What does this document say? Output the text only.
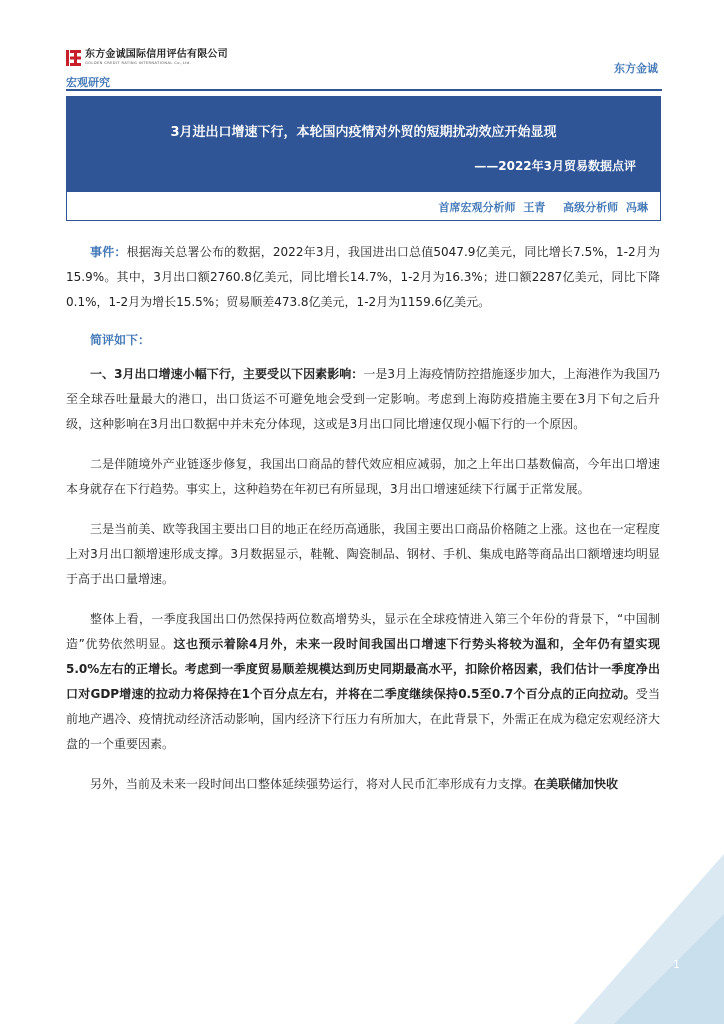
东方金诚国际信用评估有限公司
GOLDEN CREDIT RATING INTERNATIONAL Co.,Ltd.	东方金诚
宏观研究
3月进出口增速下行，本轮国内疫情对外贸的短期扰动效应开始显现
——2022年3月贸易数据点评
首席宏观分析师 王青 高级分析师 冯琳

事件：根据海关总署公布的数据，2022年3月，我国进出口总值5047.9亿美元，同比增长7.5%，1-2月为15.9%。其中，3月出口额2760.8亿美元，同比增长14.7%，1-2月为16.3%；进口额2287亿美元，同比下降0.1%，1-2月为增长15.5%；贸易顺差473.8亿美元，1-2月为1159.6亿美元。

简评如下：

一、3月出口增速小幅下行，主要受以下因素影响：一是3月上海疫情防控措施逐步加大，上海港作为我国乃至全球吞吐量最大的港口，出口货运不可避免地会受到一定影响。考虑到上海防疫措施主要在3月下旬之后升级，这种影响在3月出口数据中并未充分体现，这或是3月出口同比增速仅现小幅下行的一个原因。

二是伴随境外产业链逐步修复，我国出口商品的替代效应相应减弱，加之上年出口基数偏高，今年出口增速本身就存在下行趋势。事实上，这种趋势在年初已有所显现，3月出口增速延续下行属于正常发展。

三是当前美、欧等我国主要出口目的地正在经历高通胀，我国主要出口商品价格随之上涨。这也在一定程度上对3月出口额增速形成支撑。3月数据显示，鞋靴、陶瓷制品、钢材、手机、集成电路等商品出口额增速均明显于高于出口量增速。

整体上看，一季度我国出口仍然保持两位数高增势头，显示在全球疫情进入第三个年份的背景下，“中国制造”优势依然明显。这也预示着除4月外，未来一段时间我国出口增速下行势头将较为温和，全年仍有望实现5.0%左右的正增长。考虑到一季度贸易顺差规模达到历史同期最高水平，扣除价格因素，我们估计一季度净出口对GDP增速的拉动力将保持在1个百分点左右，并将在二季度继续保持0.5至0.7个百分点的正向拉动。受当前地产遇冷、疫情扰动经济活动影响，国内经济下行压力有所加大，在此背景下，外需正在成为稳定宏观经济大盘的一个重要因素。

另外，当前及未来一段时间出口整体延续强势运行，将对人民币汇率形成有力支撑。在美联储加快收

1
